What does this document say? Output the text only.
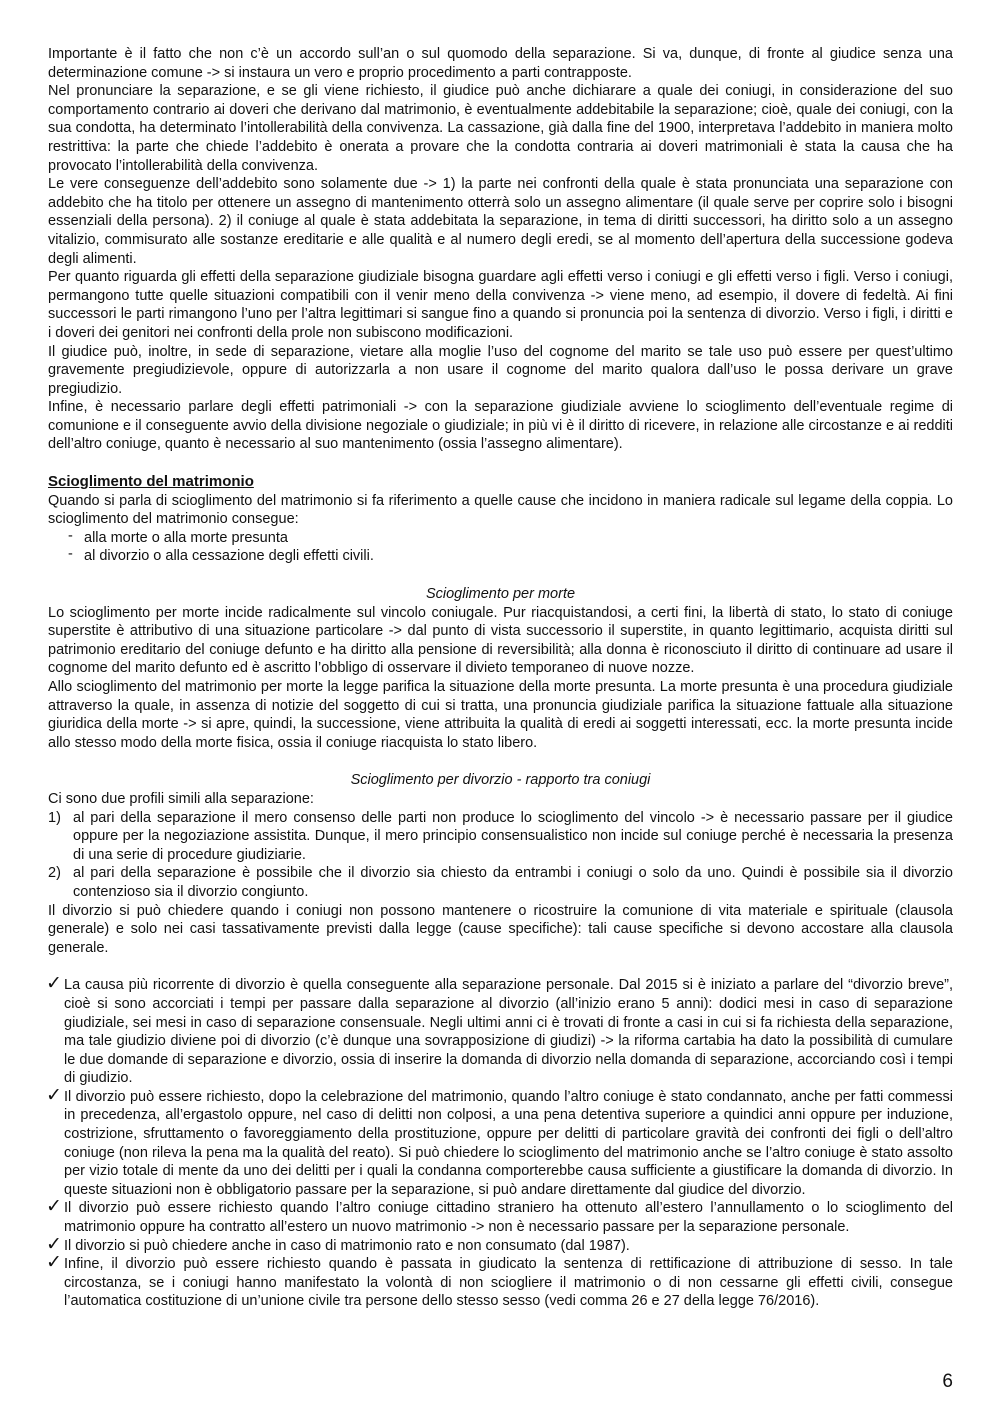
Importante è il fatto che non c’è un accordo sull’an o sul quomodo della separazione. Si va, dunque, di fronte al giudice senza una determinazione comune -> si instaura un vero e proprio procedimento a parti contrapposte.

Nel pronunciare la separazione, e se gli viene richiesto, il giudice può anche dichiarare a quale dei coniugi, in considerazione del suo comportamento contrario ai doveri che derivano dal matrimonio, è eventualmente addebitabile la separazione; cioè, quale dei coniugi, con la sua condotta, ha determinato l’intollerabilità della convivenza. La cassazione, già dalla fine del 1900, interpretava l’addebito in maniera molto restrittiva: la parte che chiede l’addebito è onerata a provare che la condotta contraria ai doveri matrimoniali è stata la causa che ha provocato l’intollerabilità della convivenza.

Le vere conseguenze dell’addebito sono solamente due -> 1) la parte nei confronti della quale è stata pronunciata una separazione con addebito che ha titolo per ottenere un assegno di mantenimento otterrà solo un assegno alimentare (il quale serve per coprire solo i bisogni essenziali della persona). 2) il coniuge al quale è stata addebitata la separazione, in tema di diritti successori, ha diritto solo a un assegno vitalizio, commisurato alle sostanze ereditarie e alle qualità e al numero degli eredi, se al momento dell’apertura della successione godeva degli alimenti.

Per quanto riguarda gli effetti della separazione giudiziale bisogna guardare agli effetti verso i coniugi e gli effetti verso i figli. Verso i coniugi, permangono tutte quelle situazioni compatibili con il venir meno della convivenza -> viene meno, ad esempio, il dovere di fedeltà. Ai fini successori le parti rimangono l’uno per l’altra legittimari si sangue fino a quando si pronuncia poi la sentenza di divorzio. Verso i figli, i diritti e i doveri dei genitori nei confronti della prole non subiscono modificazioni.

Il giudice può, inoltre, in sede di separazione, vietare alla moglie l’uso del cognome del marito se tale uso può essere per quest’ultimo gravemente pregiudizievole, oppure di autorizzarla a non usare il cognome del marito qualora dall’uso le possa derivare un grave pregiudizio.

Infine, è necessario parlare degli effetti patrimoniali -> con la separazione giudiziale avviene lo scioglimento dell’eventuale regime di comunione e il conseguente avvio della divisione negoziale o giudiziale; in più vi è il diritto di ricevere, in relazione alle circostanze e ai redditi dell’altro coniuge, quanto è necessario al suo mantenimento (ossia l’assegno alimentare).

Scioglimento del matrimonio

Quando si parla di scioglimento del matrimonio si fa riferimento a quelle cause che incidono in maniera radicale sul legame della coppia. Lo scioglimento del matrimonio consegue:

- alla morte o alla morte presunta
- al divorzio o alla cessazione degli effetti civili.
Scioglimento per morte

Lo scioglimento per morte incide radicalmente sul vincolo coniugale. Pur riacquistandosi, a certi fini, la libertà di stato, lo stato di coniuge superstite è attributivo di una situazione particolare -> dal punto di vista successorio il superstite, in quanto legittimario, acquista diritti sul patrimonio ereditario del coniuge defunto e ha diritto alla pensione di reversibilità; alla donna è riconosciuto il diritto di continuare ad usare il cognome del marito defunto ed è ascritto l’obbligo di osservare il divieto temporaneo di nuove nozze.

Allo scioglimento del matrimonio per morte la legge parifica la situazione della morte presunta. La morte presunta è una procedura giudiziale attraverso la quale, in assenza di notizie del soggetto di cui si tratta, una pronuncia giudiziale parifica la situazione fattuale alla situazione giuridica della morte -> si apre, quindi, la successione, viene attribuita la qualità di eredi ai soggetti interessati, ecc. la morte presunta incide allo stesso modo della morte fisica, ossia il coniuge riacquista lo stato libero.

Scioglimento per divorzio - rapporto tra coniugi

Ci sono due profili simili alla separazione:

1) al pari della separazione il mero consenso delle parti non produce lo scioglimento del vincolo -> è necessario passare per il giudice oppure per la negoziazione assistita. Dunque, il mero principio consensualistico non incide sul coniuge perché è necessaria la presenza di una serie di procedure giudiziarie.
2) al pari della separazione è possibile che il divorzio sia chiesto da entrambi i coniugi o solo da uno. Quindi è possibile sia il divorzio contenzioso sia il divorzio congiunto.

Il divorzio si può chiedere quando i coniugi non possono mantenere o ricostruire la comunione di vita materiale e spirituale (clausola generale) e solo nei casi tassativamente previsti dalla legge (cause specifiche): tali cause specifiche si devono accostare alla clausola generale.

✓ La causa più ricorrente di divorzio è quella conseguente alla separazione personale. Dal 2015 si è iniziato a parlare del “divorzio breve”, cioè si sono accorciati i tempi per passare dalla separazione al divorzio (all’inizio erano 5 anni): dodici mesi in caso di separazione giudiziale, sei mesi in caso di separazione consensuale. Negli ultimi anni ci è trovati di fronte a casi in cui si fa richiesta della separazione, ma tale giudizio diviene poi di divorzio (c’è dunque una sovrapposizione di giudizi) -> la riforma cartabia ha dato la possibilità di cumulare le due domande di separazione e divorzio, ossia di inserire la domanda di divorzio nella domanda di separazione, accorciando così i tempi di giudizio.
✓ Il divorzio può essere richiesto, dopo la celebrazione del matrimonio, quando l’altro coniuge è stato condannato, anche per fatti commessi in precedenza, all’ergastolo oppure, nel caso di delitti non colposi, a una pena detentiva superiore a quindici anni oppure per induzione, costrizione, sfruttamento o favoreggiamento della prostituzione, oppure per delitti di particolare gravità dei confronti dei figli o dell’altro coniuge (non rileva la pena ma la qualità del reato). Si può chiedere lo scioglimento del matrimonio anche se l’altro coniuge è stato assolto per vizio totale di mente da uno dei delitti per i quali la condanna comporterebbe causa sufficiente a giustificare la domanda di divorzio. In queste situazioni non è obbligatorio passare per la separazione, si può andare direttamente dal giudice del divorzio.
✓ Il divorzio può essere richiesto quando l’altro coniuge cittadino straniero ha ottenuto all’estero l’annullamento o lo scioglimento del matrimonio oppure ha contratto all’estero un nuovo matrimonio -> non è necessario passare per la separazione personale.
✓ Il divorzio si può chiedere anche in caso di matrimonio rato e non consumato (dal 1987).
✓ Infine, il divorzio può essere richiesto quando è passata in giudicato la sentenza di rettificazione di attribuzione di sesso. In tale circostanza, se i coniugi hanno manifestato la volontà di non sciogliere il matrimonio o di non cessarne gli effetti civili, consegue l’automatica costituzione di un’unione civile tra persone dello stesso sesso (vedi comma 26 e 27 della legge 76/2016).
6
